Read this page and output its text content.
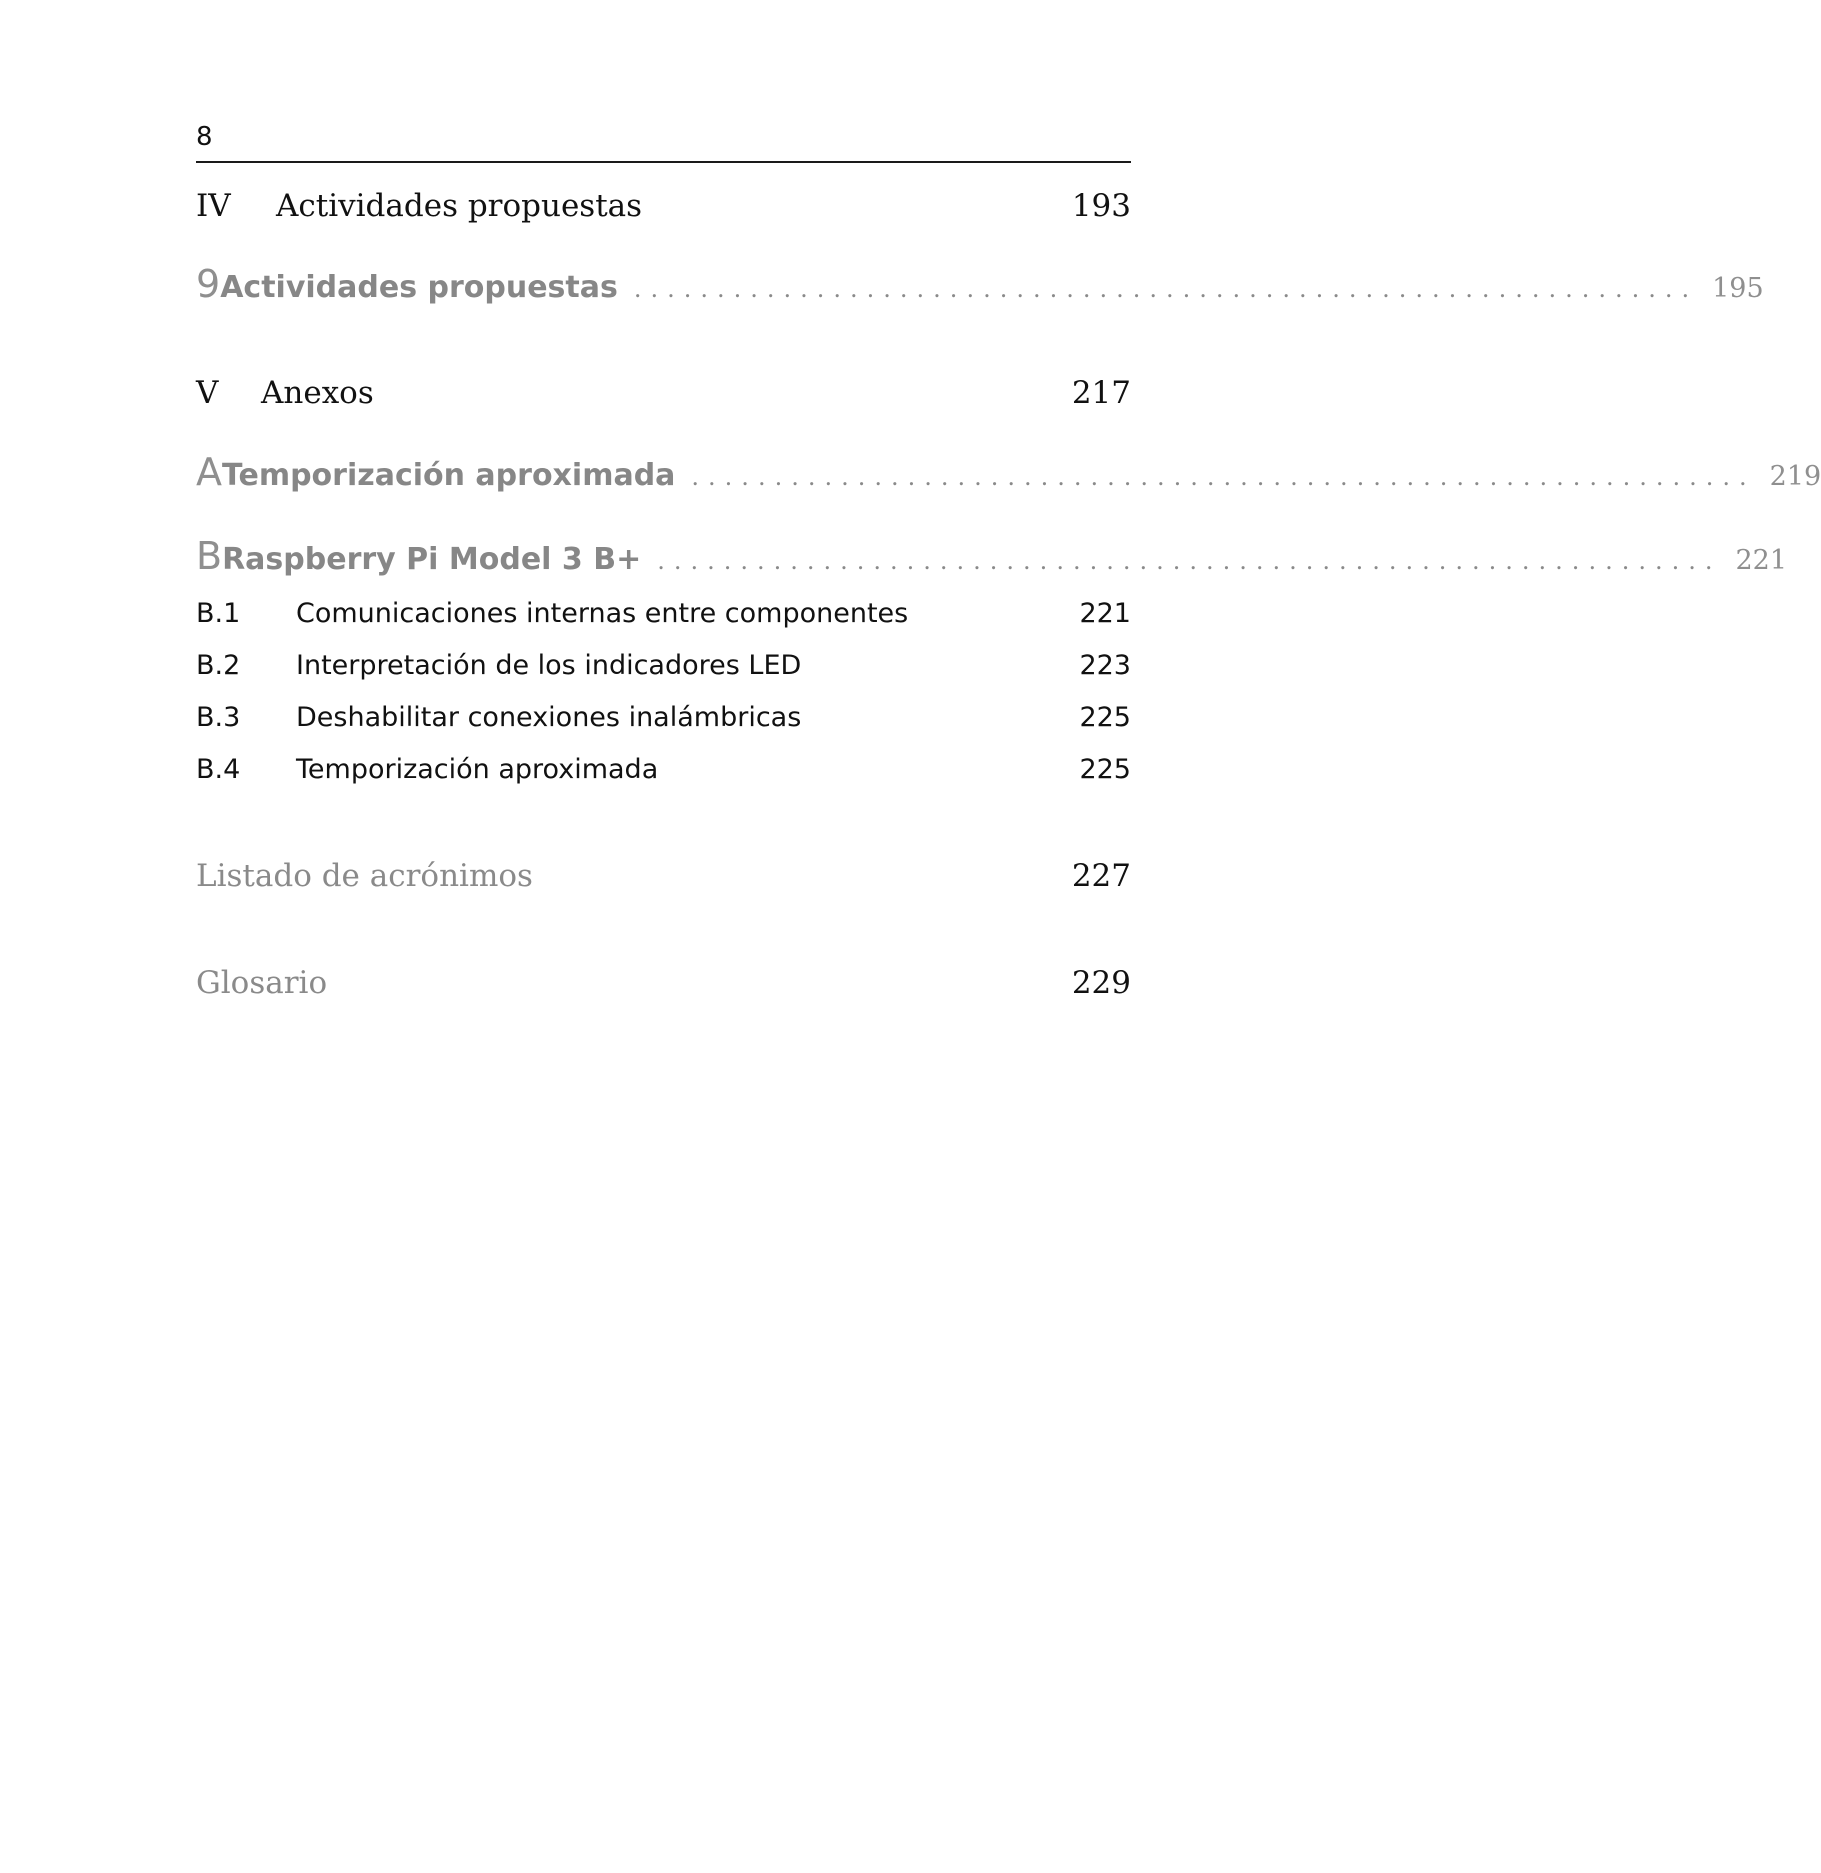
8
IV	Actividades propuestas	193
9 Actividades propuestas ................................................................ 195
V	Anexos	217
A Temporización aproximada ................................................................ 219
B Raspberry Pi Model 3 B+ ................................................................ 221
B.1	Comunicaciones internas entre componentes	221
B.2	Interpretación de los indicadores LED	223
B.3	Deshabilitar conexiones inalámbricas	225
B.4	Temporización aproximada	225
Listado de acrónimos	227
Glosario	229
